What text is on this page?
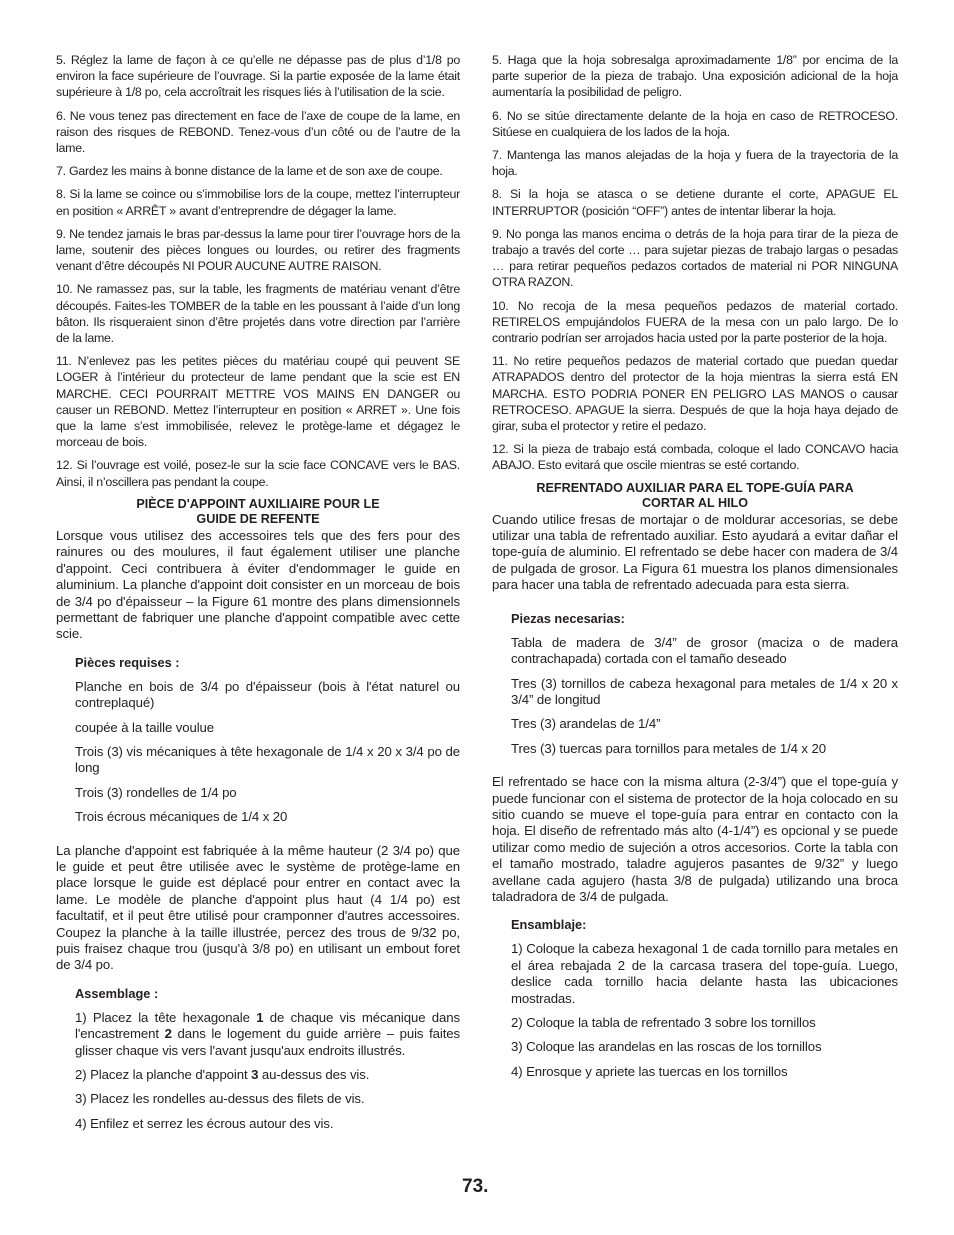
5. Réglez la lame de façon à ce qu’elle ne dépasse pas de plus d’1/8 po environ la face supérieure de l’ouvrage. Si la partie exposée de la lame était supérieure à 1/8 po, cela accroîtrait les risques liés à l’utilisation de la scie.

6. Ne vous tenez pas directement en face de l’axe de coupe de la lame, en raison des risques de REBOND. Tenez-vous d’un côté ou de l’autre de la lame.

7. Gardez les mains à bonne distance de la lame et de son axe de coupe.

8. Si la lame se coince ou s’immobilise lors de la coupe, mettez l’interrupteur en position « ARRÊT » avant d’entreprendre de dégager la lame.

9. Ne tendez jamais le bras par-dessus la lame pour tirer l’ouvrage hors de la lame, soutenir des pièces longues ou lourdes, ou retirer des fragments venant d’être découpés NI POUR AUCUNE AUTRE RAISON.

10. Ne ramassez pas, sur la table, les fragments de matériau venant d’être découpés. Faites-les TOMBER de la table en les poussant à l’aide d’un long bâton. Ils risqueraient sinon d’être projetés dans votre direction par l’arrière de la lame.

11. N’enlevez pas les petites pièces du matériau coupé qui peuvent SE LOGER à l’intérieur du protecteur de lame pendant que la scie est EN MARCHE. CECI POURRAIT METTRE VOS MAINS EN DANGER ou causer un REBOND. Mettez l’interrupteur en position « ARRET ». Une fois que la lame s’est immobilisée, relevez le protège-lame et dégagez le morceau de bois.

12. Si l’ouvrage est voilé, posez-le sur la scie face CONCAVE vers le BAS. Ainsi, il n’oscillera pas pendant la coupe.

PIÈCE D'APPOINT AUXILIAIRE POUR LE
GUIDE DE REFENTE

Lorsque vous utilisez des accessoires tels que des fers pour des rainures ou des moulures, il faut également utiliser une planche d'appoint. Ceci contribuera à éviter d'endommager le guide en aluminium. La planche d'appoint doit consister en un morceau de bois de 3/4 po d'épaisseur – la Figure 61 montre des plans dimensionnels permettant de fabriquer une planche d'appoint compatible avec cette scie.

Pièces requises :

Planche en bois de 3/4 po d'épaisseur (bois à l'état naturel ou contreplaqué)

coupée à la taille voulue

Trois (3) vis mécaniques à tête hexagonale de 1/4 x 20 x 3/4 po de long

Trois (3) rondelles de 1/4 po

Trois écrous mécaniques de 1/4 x 20

La planche d'appoint est fabriquée à la même hauteur (2 3/4 po) que le guide et peut être utilisée avec le système de protège-lame en place lorsque le guide est déplacé pour entrer en contact avec la lame. Le modèle de planche d'appoint plus haut (4 1/4 po) est facultatif, et il peut être utilisé pour cramponner d'autres accessoires. Coupez la planche à la taille illustrée, percez des trous de 9/32 po, puis fraisez chaque trou (jusqu'à 3/8 po) en utilisant un embout foret de 3/4 po.

Assemblage :

1) Placez la tête hexagonale 1 de chaque vis mécanique dans l'encastrement 2 dans le logement du guide arrière – puis faites glisser chaque vis vers l'avant jusqu'aux endroits illustrés.

2) Placez la planche d'appoint 3 au-dessus des vis.

3) Placez les rondelles au-dessus des filets de vis.

4) Enfilez et serrez les écrous autour des vis.

5. Haga que la hoja sobresalga aproximadamente 1/8” por encima de la parte superior de la pieza de trabajo. Una exposición adicional de la hoja aumentaría la posibilidad de peligro.

6. No se sitúe directamente delante de la hoja en caso de RETROCESO. Sitúese en cualquiera de los lados de la hoja.

7. Mantenga las manos alejadas de la hoja y fuera de la trayectoria de la hoja.

8. Si la hoja se atasca o se detiene durante el corte, APAGUE EL INTERRUPTOR (posición “OFF”) antes de intentar liberar la hoja.

9. No ponga las manos encima o detrás de la hoja para tirar de la pieza de trabajo a través del corte … para sujetar piezas de trabajo largas o pesadas … para retirar pequeños pedazos cortados de material ni POR NINGUNA OTRA RAZON.

10. No recoja de la mesa pequeños pedazos de material cortado. RETIRELOS empujándolos FUERA de la mesa con un palo largo. De lo contrario podrían ser arrojados hacia usted por la parte posterior de la hoja.

11. No retire pequeños pedazos de material cortado que puedan quedar ATRAPADOS dentro del protector de la hoja mientras la sierra está EN MARCHA. ESTO PODRIA PONER EN PELIGRO LAS MANOS o causar RETROCESO. APAGUE la sierra. Después de que la hoja haya dejado de girar, suba el protector y retire el pedazo.

12. Si la pieza de trabajo está combada, coloque el lado CONCAVO hacia ABAJO. Esto evitará que oscile mientras se esté cortando.

REFRENTADO AUXILIAR PARA EL TOPE-GUÍA PARA
CORTAR AL HILO

Cuando utilice fresas de mortajar o de moldurar accesorias, se debe utilizar una tabla de refrentado auxiliar. Esto ayudará a evitar dañar el tope-guía de aluminio. El refrentado se debe hacer con madera de 3/4 de pulgada de grosor. La Figura 61 muestra los planos dimensionales para hacer una tabla de refrentado adecuada para esta sierra.

Piezas necesarias:

Tabla de madera de 3/4” de grosor (maciza o de madera contrachapada) cortada con el tamaño deseado

Tres (3) tornillos de cabeza hexagonal para metales de 1/4 x 20 x 3/4” de longitud

Tres (3) arandelas de 1/4”

Tres (3) tuercas para tornillos para metales de 1/4 x 20

El refrentado se hace con la misma altura (2-3/4”) que el tope-guía y puede funcionar con el sistema de protector de la hoja colocado en su sitio cuando se mueve el tope-guía para entrar en contacto con la hoja. El diseño de refrentado más alto (4-1/4”) es opcional y se puede utilizar como medio de sujeción a otros accesorios. Corte la tabla con el tamaño mostrado, taladre agujeros pasantes de 9/32” y luego avellane cada agujero (hasta 3/8 de pulgada) utilizando una broca taladradora de 3/4 de pulgada.

Ensamblaje:

1) Coloque la cabeza hexagonal 1 de cada tornillo para metales en el área rebajada 2 de la carcasa trasera del tope-guía. Luego, deslice cada tornillo hacia delante hasta las ubicaciones mostradas.

2) Coloque la tabla de refrentado 3 sobre los tornillos

3) Coloque las arandelas en las roscas de los tornillos

4) Enrosque y apriete las tuercas en los tornillos

73.
